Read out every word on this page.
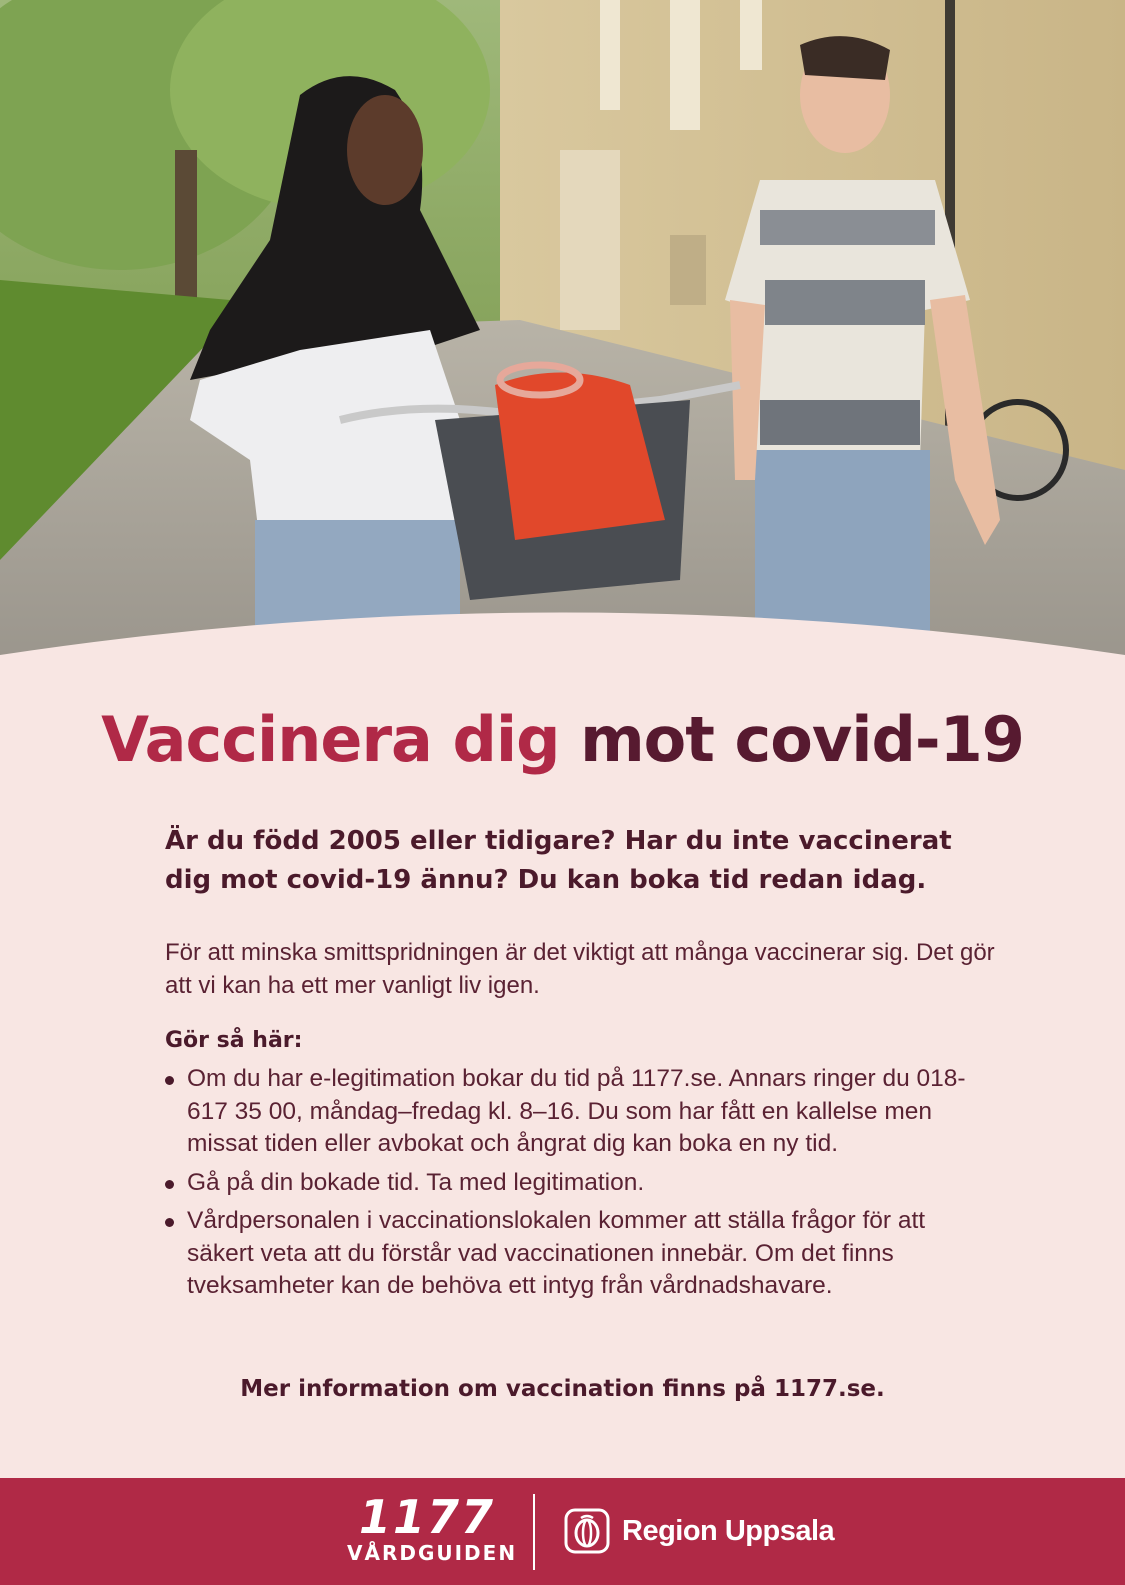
Vaccinera dig mot covid-19

Är du född 2005 eller tidigare? Har du inte vaccinerat dig mot covid-19 ännu? Du kan boka tid redan idag.

För att minska smittspridningen är det viktigt att många vaccinerar sig. Det gör att vi kan ha ett mer vanligt liv igen.

Gör så här:
Om du har e-legitimation bokar du tid på 1177.se. Annars ringer du 018-617 35 00, måndag–fredag kl. 8–16. Du som har fått en kallelse men missat tiden eller avbokat och ångrat dig kan boka en ny tid.
Gå på din bokade tid. Ta med legitimation.
Vårdpersonalen i vaccinationslokalen kommer att ställa frågor för att säkert veta att du förstår vad vaccinationen innebär. Om det finns tveksamheter kan de behöva ett intyg från vårdnadshavare.
Mer information om vaccination finns på 1177.se.
1177
VÅRDGUIDEN
Region Uppsala
